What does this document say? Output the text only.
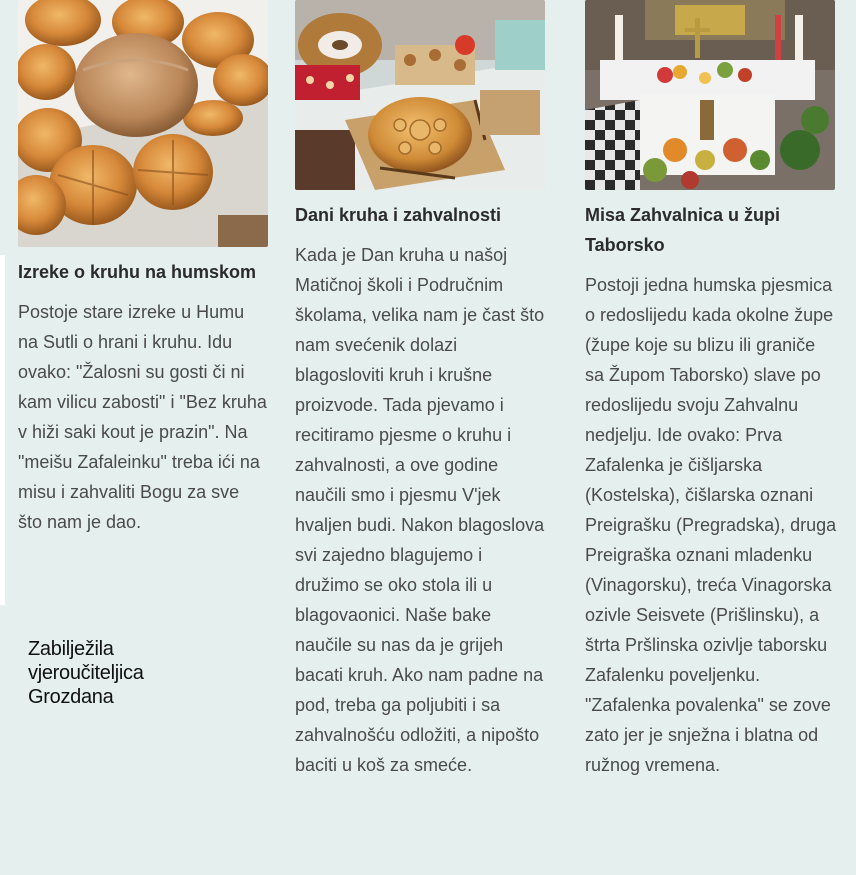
Izreke o kruhu na humskom

Postoje stare izreke u Humu na Sutli o hrani i kruhu. Idu ovako: "Žalosni su gosti či ni kam vilicu zabosti" i "Bez kruha v hiži saki kout je prazin". Na "meišu Zafaleinku" treba ići na misu i zahvaliti Bogu za sve što nam je dao.

Dani kruha i zahvalnosti

Kada je Dan kruha u našoj Matičnoj školi i Područnim školama, velika nam je čast što nam svećenik dolazi blagosloviti kruh i krušne proizvode. Tada pjevamo i recitiramo pjesme o kruhu i zahvalnosti, a ove godine naučili smo i pjesmu V'jek hvaljen budi. Nakon blagoslova svi zajedno blagujemo i družimo se oko stola ili u blagovaonici. Naše bake naučile su nas da je grijeh bacati kruh. Ako nam padne na pod, treba ga poljubiti i sa zahvalnošću odložiti, a nipošto baciti u koš za smeće.

Misa Zahvalnica u župi Taborsko

Postoji jedna humska pjesmica o redoslijedu kada okolne župe (župe koje su blizu ili graniče sa Župom Taborsko) slave po redoslijedu svoju Zahvalnu nedjelju. Ide ovako: Prva Zafalenka je čišljarska (Kostelska), čišlarska oznani Preigrašku (Pregradska), druga Preigraška oznani mladenku (Vinagorsku), treća Vinagorska ozivle Seisvete (Prišlinsku), a štrta Pršlinska ozivlje taborsku Zafalenku poveljenku. "Zafalenka povalenka" se zove zato jer je snježna i blatna od ružnog vremena.

Zabilježila
vjeroučiteljica
Grozdana
